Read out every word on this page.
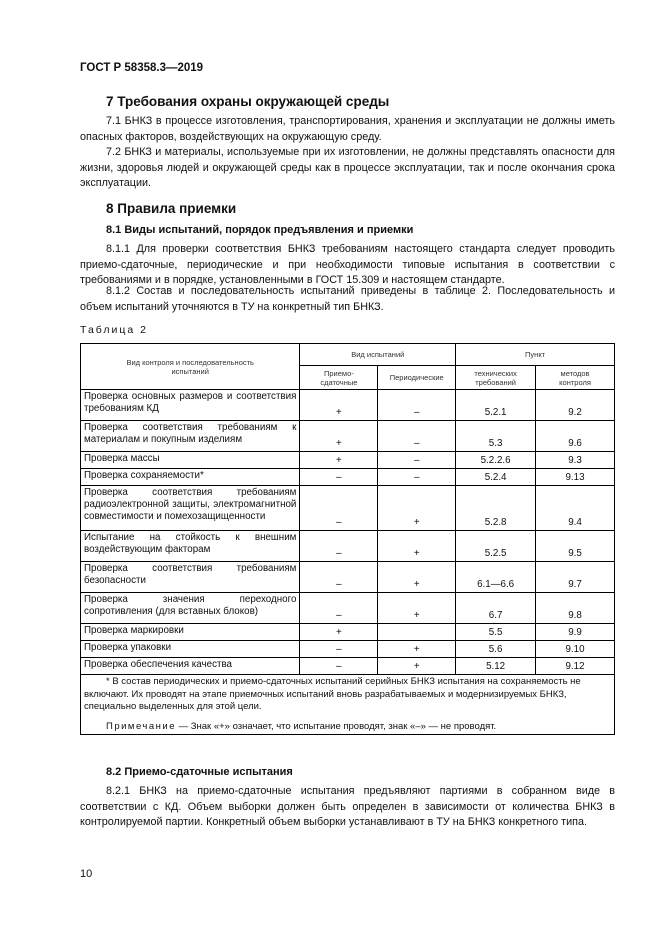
ГОСТ Р 58358.3—2019
7 Требования охраны окружающей среды
7.1 БНКЗ в процессе изготовления, транспортирования, хранения и эксплуатации не должны иметь опасных факторов, воздействующих на окружающую среду.
7.2 БНКЗ и материалы, используемые при их изготовлении, не должны представлять опасности для жизни, здоровья людей и окружающей среды как в процессе эксплуатации, так и после окончания срока эксплуатации.
8 Правила приемки
8.1 Виды испытаний, порядок предъявления и приемки
8.1.1 Для проверки соответствия БНКЗ требованиям настоящего стандарта следует проводить приемо-сдаточные, периодические и при необходимости типовые испытания в соответствии с требованиями и в порядке, установленными в ГОСТ 15.309 и настоящем стандарте.
8.1.2 Состав и последовательность испытаний приведены в таблице 2. Последовательность и объем испытаний уточняются в ТУ на конкретный тип БНКЗ.
Таблица 2
Вид контроля и последовательность испытаний	Вид испытаний		Пункт	
	Приемо-сдаточные	Периодические	технических требований	методов контроля
Проверка основных размеров и соответствия требованиям КД	+	–	5.2.1	9.2
Проверка соответствия требованиям к материалам и покупным изделиям	+	–	5.3	9.6
Проверка массы	+	–	5.2.2.6	9.3
Проверка сохраняемости*	–	–	5.2.4	9.13
Проверка соответствия требованиям радиоэлектронной защиты, электромагнитной совместимости и помехозащищенности	–	+	5.2.8	9.4
Испытание на стойкость к внешним воздействующим факторам	–	+	5.2.5	9.5
Проверка соответствия требованиям безопасности	–	+	6.1—6.6	9.7
Проверка значения переходного сопротивления (для вставных блоков)	–	+	6.7	9.8
Проверка маркировки	+		5.5	9.9
Проверка упаковки	–	+	5.6	9.10
Проверка обеспечения качества	–	+	5.12	9.12

* В состав периодических и приемо-сдаточных испытаний серийных БНКЗ испытания на сохраняемость не включают. Их проводят на этапе приемочных испытаний вновь разрабатываемых и модернизируемых БНКЗ, специально выделенных для этой цели.
Примечание — Знак «+» означает, что испытание проводят, знак «–» — не проводят.				
8.2 Приемо-сдаточные испытания
8.2.1 БНКЗ на приемо-сдаточные испытания предъявляют партиями в собранном виде в соответствии с КД. Объем выборки должен быть определен в зависимости от количества БНКЗ в контролируемой партии. Конкретный объем выборки устанавливают в ТУ на БНКЗ конкретного типа.
10
